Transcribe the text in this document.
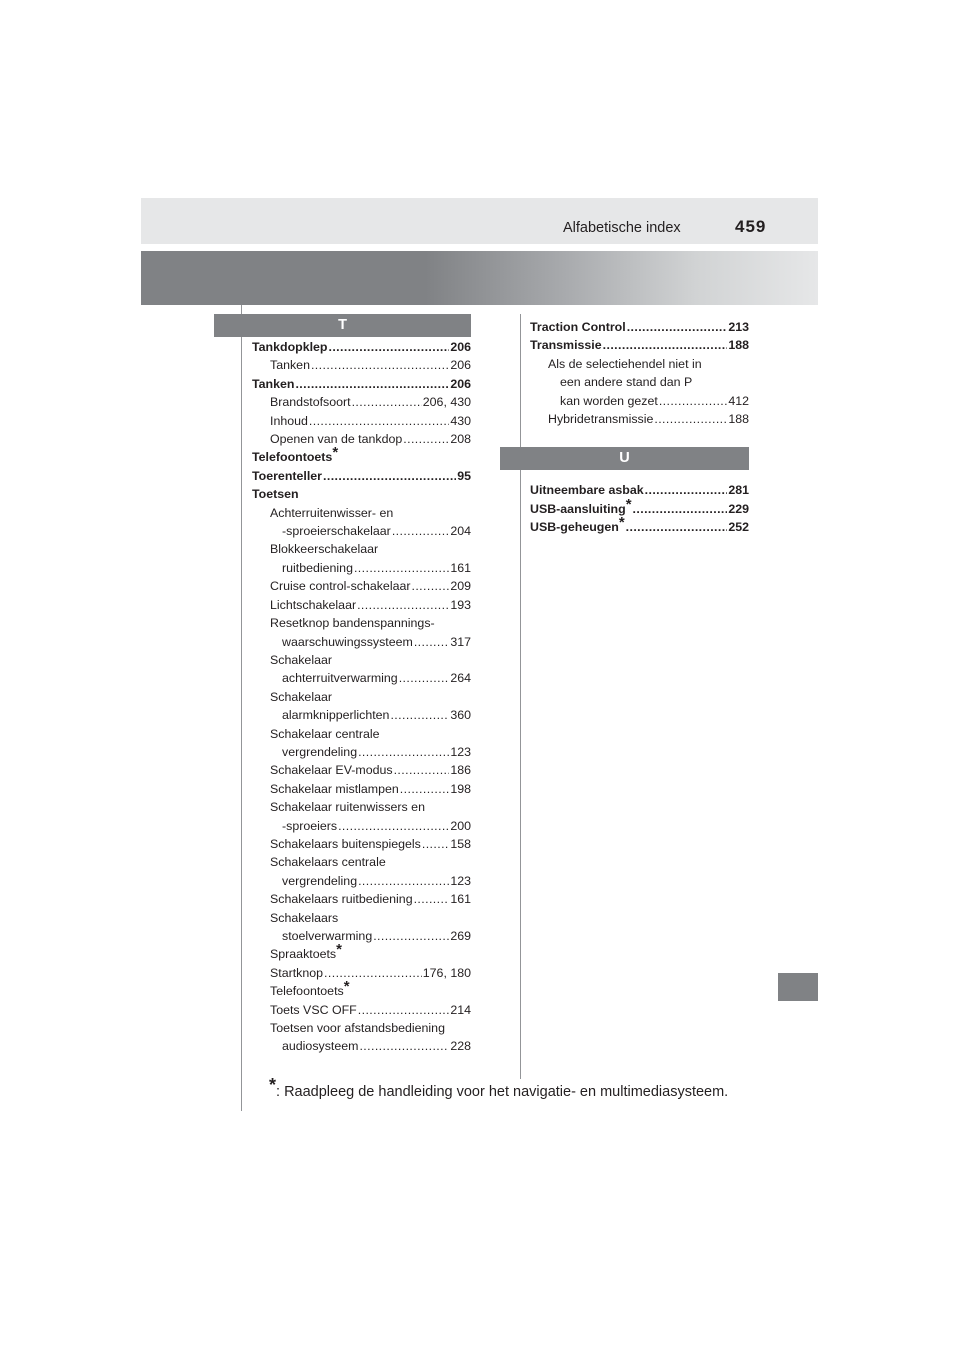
Alfabetische index	459
T
Tankdopklep .....	206
Tanken .....	206
Tanken .....	206
Brandstofsoort .....	206, 430
Inhoud .....	430
Openen van de tankdop .....	208
Telefoontoets*
Toerenteller .....	95
Toetsen
Achterruitenwisser- en
-sproeierschakelaar .....	204
Blokkeerschakelaar
ruitbediening .....	161
Cruise control-schakelaar .....	209
Lichtschakelaar .....	193
Resetknop bandenspannings-
waarschuwingssysteem .....	317
Schakelaar
achterruitverwarming .....	264
Schakelaar
alarmknipperlichten .....	360
Schakelaar centrale
vergrendeling .....	123
Schakelaar EV-modus .....	186
Schakelaar mistlampen .....	198
Schakelaar ruitenwissers en
-sproeiers .....	200
Schakelaars buitenspiegels ..... 158
Schakelaars centrale
vergrendeling .....	123
Schakelaars ruitbediening .....	161
Schakelaars
stoelverwarming .....	269
Spraaktoets*
Startknop .....	176, 180
Telefoontoets*
Toets VSC OFF .....	214
Toetsen voor afstandsbediening
audiosysteem .....	228
Traction Control .....	213
Transmissie .....	188
Als de selectiehendel niet in
een andere stand dan P
kan worden gezet .....	412
Hybridetransmissie .....	188
U
Uitneembare asbak .....	281
USB-aansluiting* .....	229
USB-geheugen* .....	252
*: Raadpleeg de handleiding voor het navigatie- en multimediasysteem.
